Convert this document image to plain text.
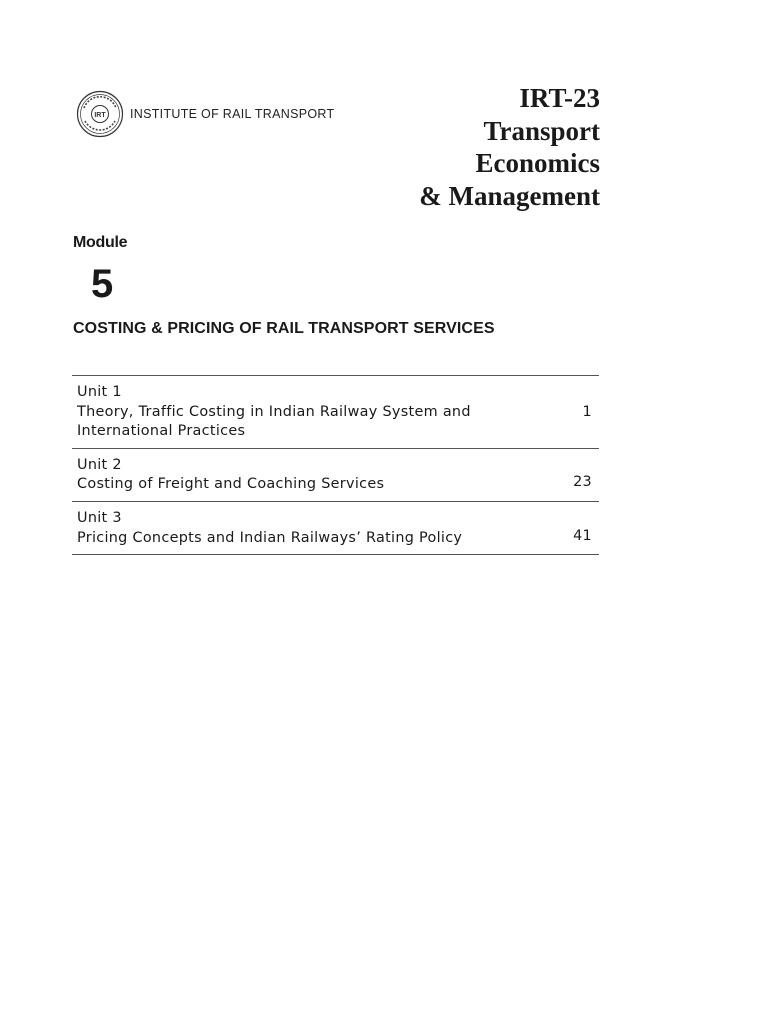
IRT INSTITUTE OF RAIL TRANSPORT
IRT-23
Transport
Economics
& Management
Module
5
COSTING & PRICING OF RAIL TRANSPORT SERVICES
Unit 1
Theory, Traffic Costing in Indian Railway System and
International Practices
1
Unit 2
Costing of Freight and Coaching Services	23
Unit 3
Pricing Concepts and Indian Railways’ Rating Policy	41
